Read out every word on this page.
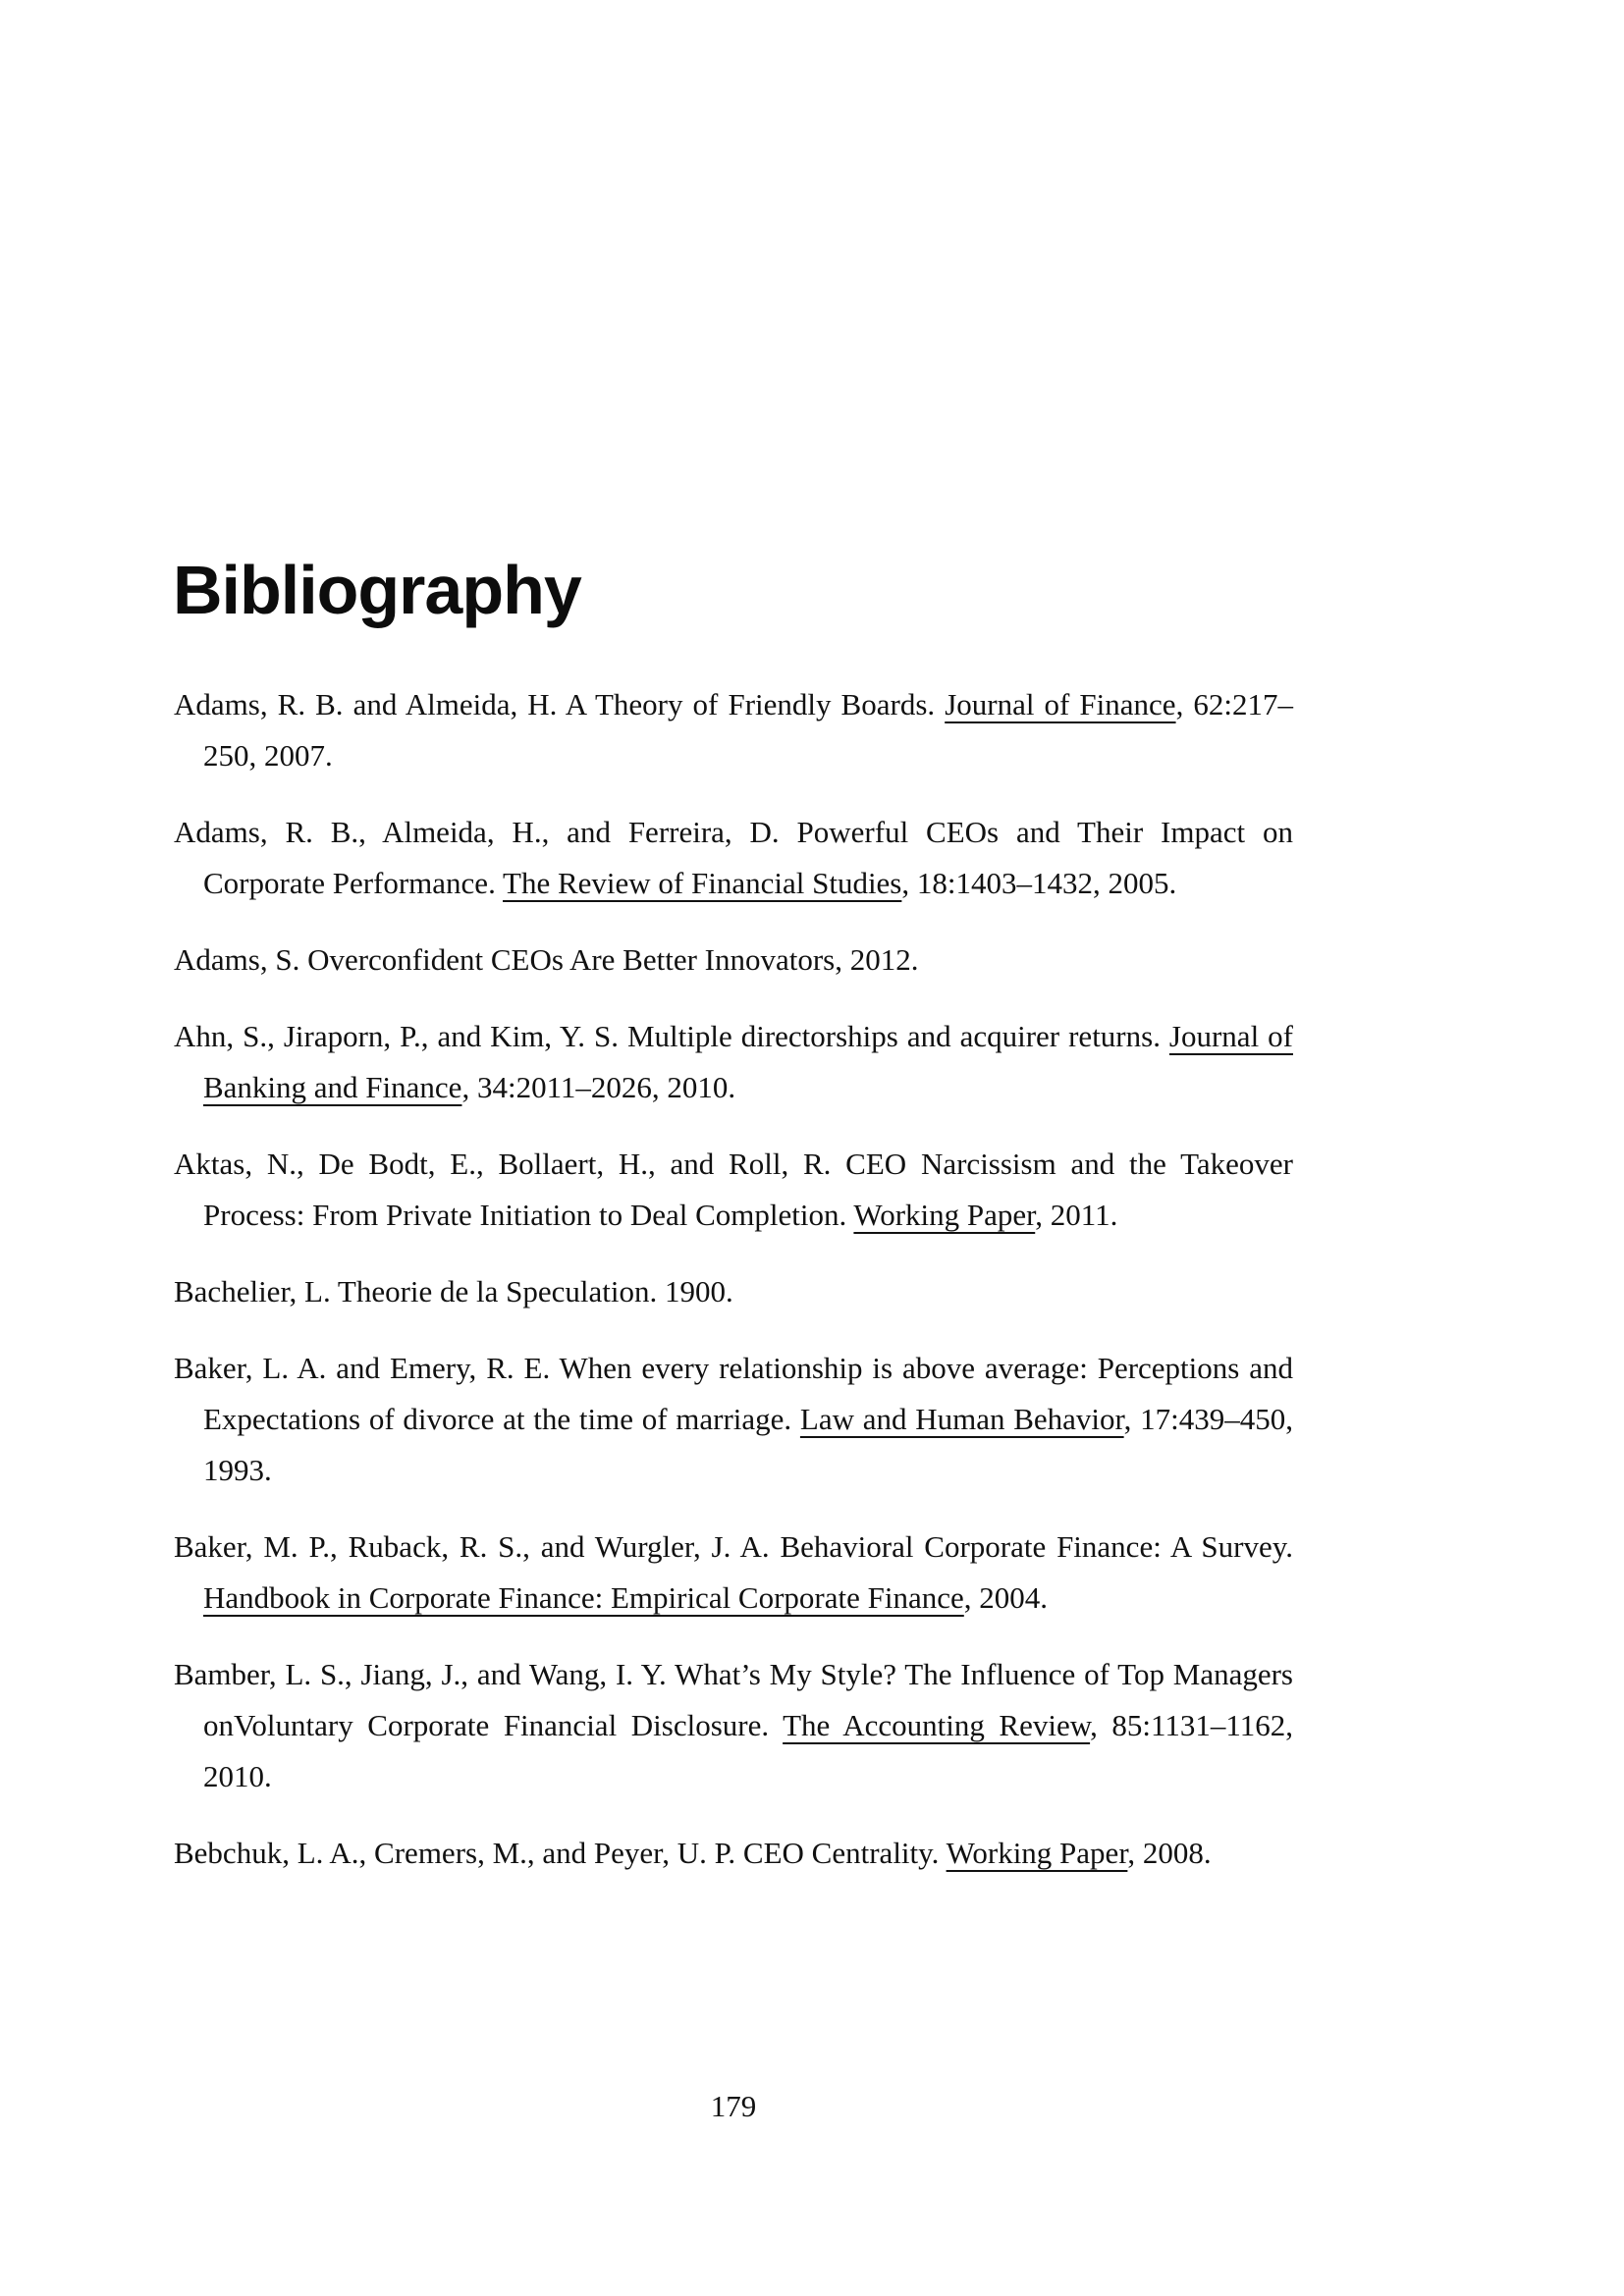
Bibliography

Adams, R. B. and Almeida, H. A Theory of Friendly Boards. Journal of Finance, 62:217–250, 2007.

Adams, R. B., Almeida, H., and Ferreira, D. Powerful CEOs and Their Impact on Corporate Performance. The Review of Financial Studies, 18:1403–1432, 2005.

Adams, S. Overconfident CEOs Are Better Innovators, 2012.

Ahn, S., Jiraporn, P., and Kim, Y. S. Multiple directorships and acquirer returns. Journal of Banking and Finance, 34:2011–2026, 2010.

Aktas, N., De Bodt, E., Bollaert, H., and Roll, R. CEO Narcissism and the Takeover Process: From Private Initiation to Deal Completion. Working Paper, 2011.

Bachelier, L. Theorie de la Speculation. 1900.

Baker, L. A. and Emery, R. E. When every relationship is above average: Perceptions and Expectations of divorce at the time of marriage. Law and Human Behavior, 17:439–450, 1993.

Baker, M. P., Ruback, R. S., and Wurgler, J. A. Behavioral Corporate Finance: A Survey. Handbook in Corporate Finance: Empirical Corporate Finance, 2004.

Bamber, L. S., Jiang, J., and Wang, I. Y. What’s My Style? The Influence of Top Managers onVoluntary Corporate Financial Disclosure. The Accounting Review, 85:1131–1162, 2010.

Bebchuk, L. A., Cremers, M., and Peyer, U. P. CEO Centrality. Working Paper, 2008.

179
